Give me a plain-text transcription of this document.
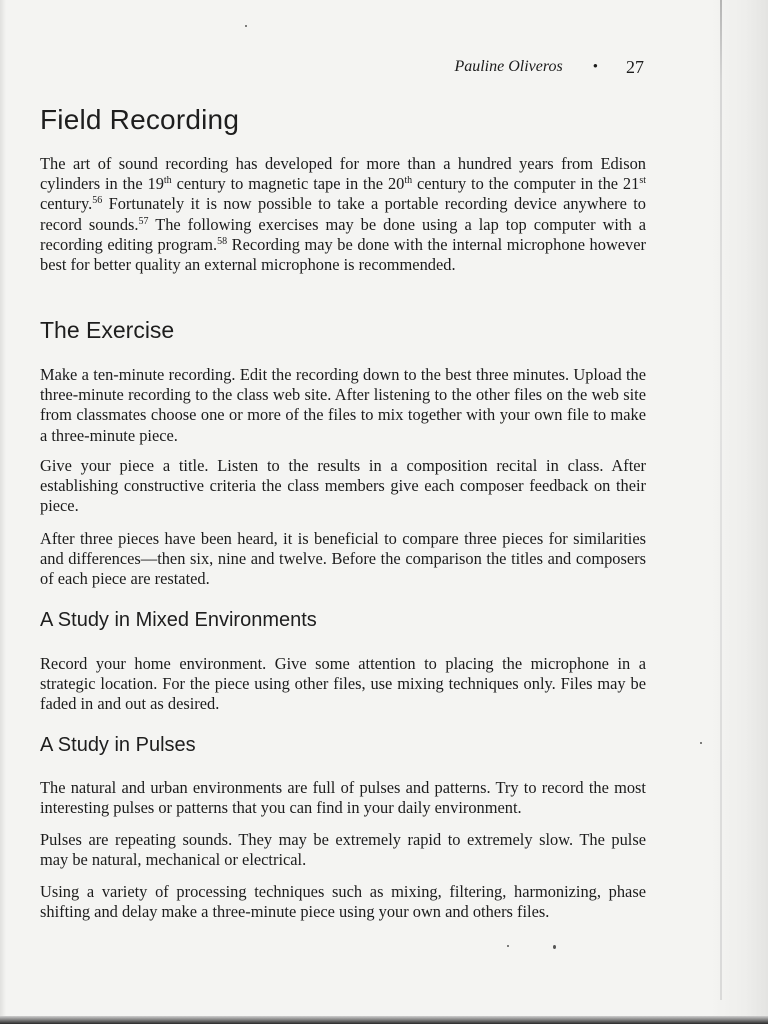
Pauline Oliveros • 27
Field Recording

The art of sound recording has developed for more than a hundred years from Edison cylinders in the 19th century to magnetic tape in the 20th century to the computer in the 21st century.$^{56}$ Fortunately it is now possible to take a portable recording device anywhere to record sounds.$^{57}$ The following exercises may be done using a lap top computer with a recording editing program.$^{58}$ Recording may be done with the internal microphone however best for better quality an external microphone is recommended.

The Exercise

Make a ten-minute recording. Edit the recording down to the best three minutes. Upload the three-minute recording to the class web site. After listening to the other files on the web site from classmates choose one or more of the files to mix together with your own file to make a three-minute piece.

Give your piece a title. Listen to the results in a composition recital in class. After establishing constructive criteria the class members give each composer feedback on their piece.

After three pieces have been heard, it is beneficial to compare three pieces for similarities and differences—then six, nine and twelve. Before the comparison the titles and composers of each piece are restated.

A Study in Mixed Environments

Record your home environment. Give some attention to placing the microphone in a strategic location. For the piece using other files, use mixing techniques only. Files may be faded in and out as desired.

A Study in Pulses

The natural and urban environments are full of pulses and patterns. Try to record the most interesting pulses or patterns that you can find in your daily environment.

Pulses are repeating sounds. They may be extremely rapid to extremely slow. The pulse may be natural, mechanical or electrical.

Using a variety of processing techniques such as mixing, filtering, harmonizing, phase shifting and delay make a three-minute piece using your own and others files.
